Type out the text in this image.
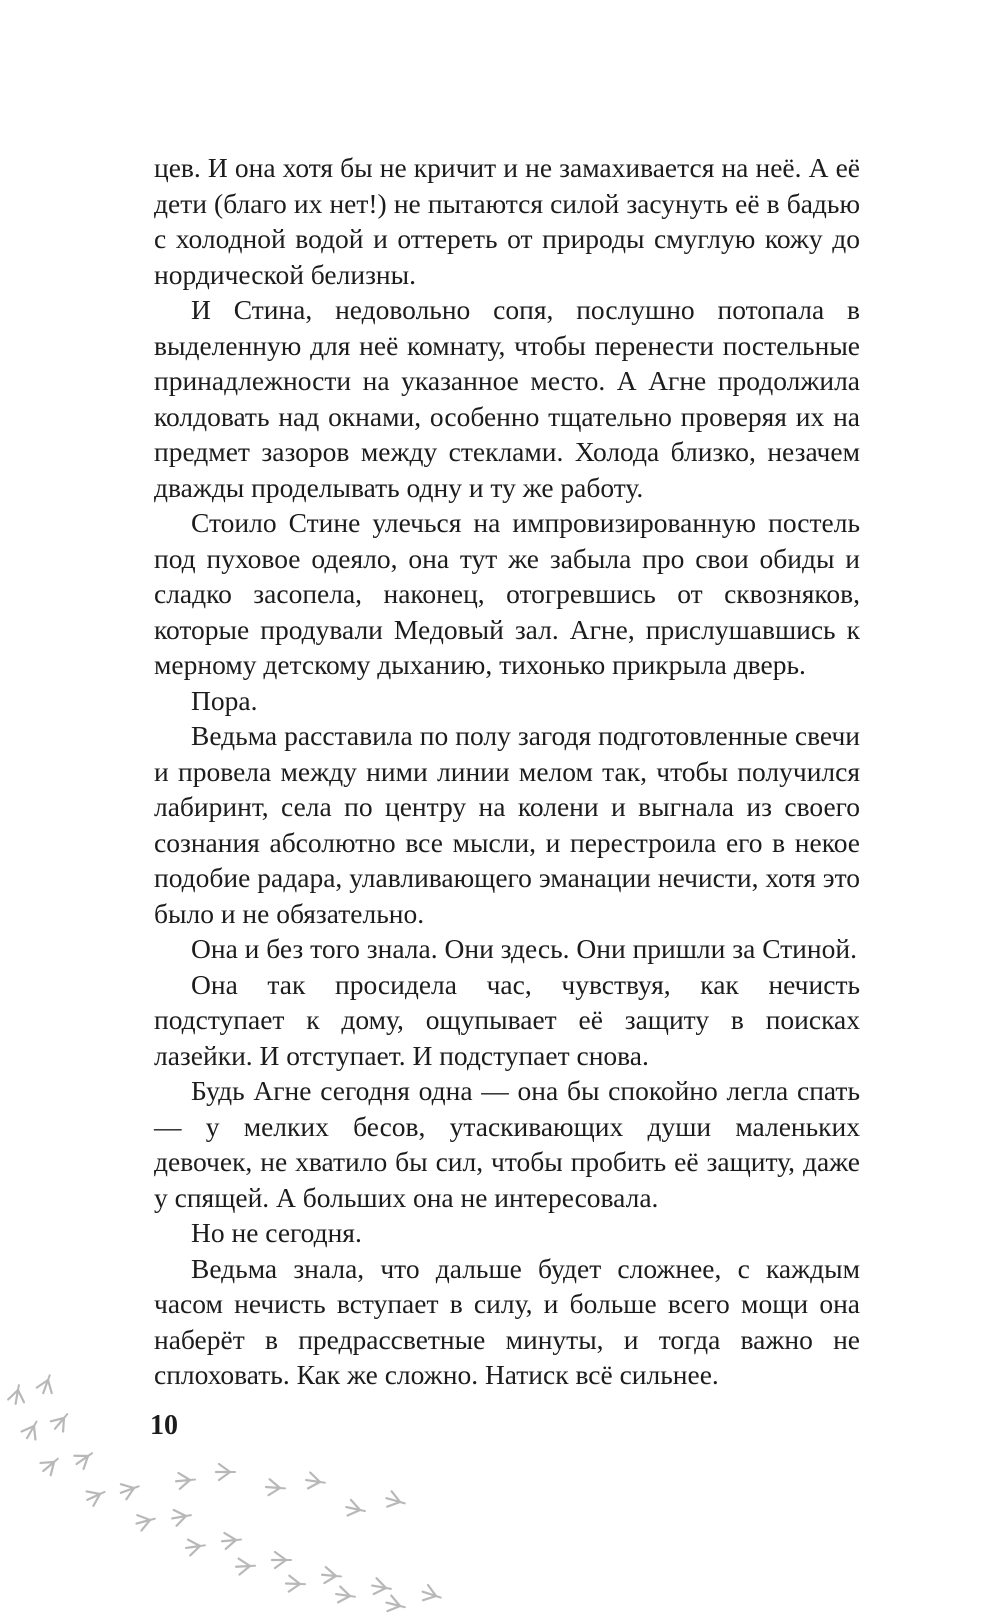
цев. И она хотя бы не кричит и не замахивается на неё. А её дети (благо их нет!) не пытаются силой засунуть её в бадью с холодной водой и оттереть от природы смуглую кожу до нордической белизны.

И Стина, недовольно сопя, послушно потопала в выделенную для неё комнату, чтобы перенести постельные принадлежности на указанное место. А Агне продолжила колдовать над окнами, особенно тщательно проверяя их на предмет зазоров между стеклами. Холода близко, незачем дважды проделывать одну и ту же работу.

Стоило Стине улечься на импровизированную постель под пуховое одеяло, она тут же забыла про свои обиды и сладко засопела, наконец, отогревшись от сквозняков, которые продували Медовый зал. Агне, прислушавшись к мерному детскому дыханию, тихонько прикрыла дверь.

Пора.

Ведьма расставила по полу загодя подготовленные свечи и провела между ними линии мелом так, чтобы получился лабиринт, села по центру на колени и выгнала из своего сознания абсолютно все мысли, и перестроила его в некое подобие радара, улавливающего эманации нечисти, хотя это было и не обязательно.

Она и без того знала. Они здесь. Они пришли за Стиной.

Она так просидела час, чувствуя, как нечисть подступает к дому, ощупывает её защиту в поисках лазейки. И отступает. И подступает снова.

Будь Агне сегодня одна — она бы спокойно легла спать — у мелких бесов, утаскивающих души маленьких девочек, не хватило бы сил, чтобы пробить её защиту, даже у спящей. А больших она не интересовала.

Но не сегодня.

Ведьма знала, что дальше будет сложнее, с каждым часом нечисть вступает в силу, и больше всего мощи она наберёт в предрассветные минуты, и тогда важно не сплоховать. Как же сложно. Натиск всё сильнее.

10
